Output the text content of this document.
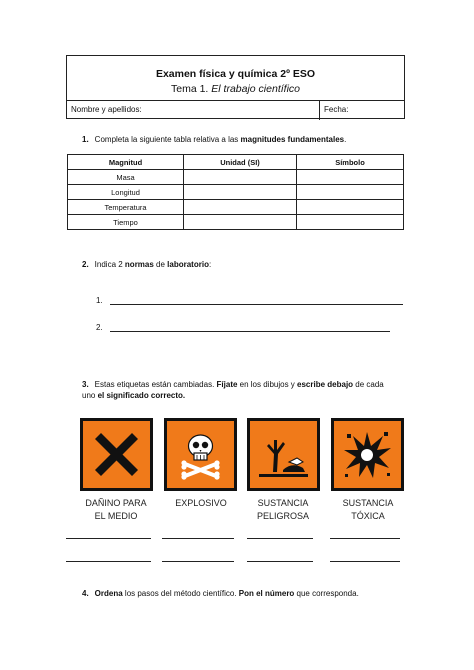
Examen física y química 2º ESO
Tema 1. El trabajo científico
Nombre y apellidos:	Fecha:
1. Completa la siguiente tabla relativa a las magnitudes fundamentales.
Magnitud	Unidad (SI)	Símbolo
Masa		
Longitud		
Temperatura		
Tiempo		
2. Indica 2 normas de laboratorio:
1.
2.
3. Estas etiquetas están cambiadas. Fíjate en los dibujos y escribe debajo de cada
uno el significado correcto.
DAÑINO PARA
EL MEDIO
EXPLOSIVO	SUSTANCIA
PELIGROSA
SUSTANCIA
TÓXICA
4. Ordena los pasos del método científico. Pon el número que corresponda.
